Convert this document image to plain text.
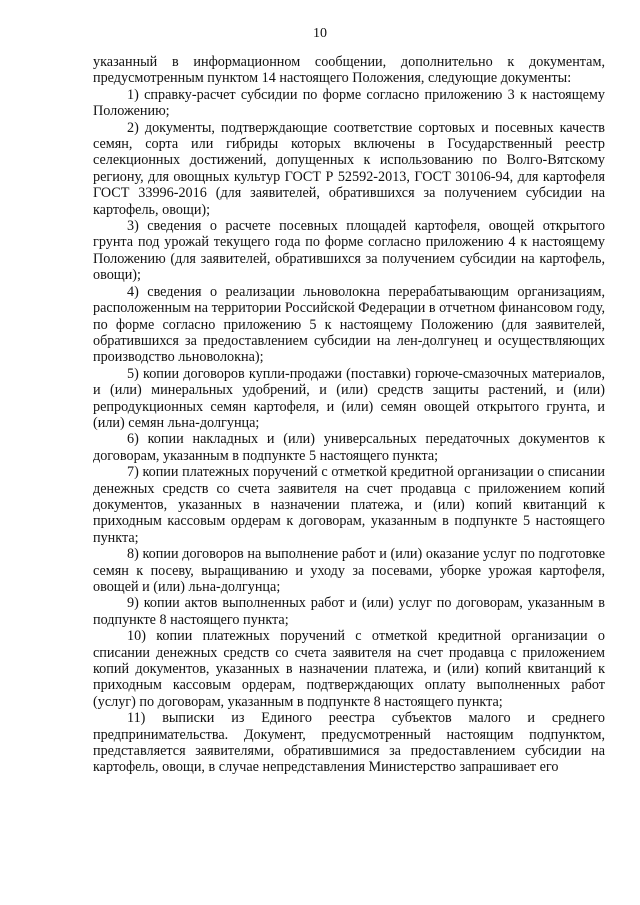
10

указанный в информационном сообщении, дополнительно к документам, предусмотренным пунктом 14 настоящего Положения, следующие документы:

1) справку-расчет субсидии по форме согласно приложению 3 к настоящему Положению;

2) документы, подтверждающие соответствие сортовых и посевных качеств семян, сорта или гибриды которых включены в Государственный реестр селекционных достижений, допущенных к использованию по Волго-Вятскому региону, для овощных культур ГОСТ Р 52592-2013, ГОСТ 30106-94, для картофеля ГОСТ 33996-2016 (для заявителей, обратившихся за получением субсидии на картофель, овощи);

3) сведения о расчете посевных площадей картофеля, овощей открытого грунта под урожай текущего года по форме согласно приложению 4 к настоящему Положению (для заявителей, обратившихся за получением субсидии на картофель, овощи);

4) сведения о реализации льноволокна перерабатывающим организациям, расположенным на территории Российской Федерации в отчетном финансовом году, по форме согласно приложению 5 к настоящему Положению (для заявителей, обратившихся за предоставлением субсидии на лен-долгунец и осуществляющих производство льноволокна);

5) копии договоров купли-продажи (поставки) горюче-смазочных материалов, и (или) минеральных удобрений, и (или) средств защиты растений, и (или) репродукционных семян картофеля, и (или) семян овощей открытого грунта, и (или) семян льна-долгунца;

6) копии накладных и (или) универсальных передаточных документов к договорам, указанным в подпункте 5 настоящего пункта;

7) копии платежных поручений с отметкой кредитной организации о списании денежных средств со счета заявителя на счет продавца с приложением копий документов, указанных в назначении платежа, и (или) копий квитанций к приходным кассовым ордерам к договорам, указанным в подпункте 5 настоящего пункта;

8) копии договоров на выполнение работ и (или) оказание услуг по подготовке семян к посеву, выращиванию и уходу за посевами, уборке урожая картофеля, овощей и (или) льна-долгунца;

9) копии актов выполненных работ и (или) услуг по договорам, указанным в подпункте 8 настоящего пункта;

10) копии платежных поручений с отметкой кредитной организации о списании денежных средств со счета заявителя на счет продавца с приложением копий документов, указанных в назначении платежа, и (или) копий квитанций к приходным кассовым ордерам, подтверждающих оплату выполненных работ (услуг) по договорам, указанным в подпункте 8 настоящего пункта;

11) выписки из Единого реестра субъектов малого и среднего предпринимательства. Документ, предусмотренный настоящим подпунктом, представляется заявителями, обратившимися за предоставлением субсидии на картофель, овощи, в случае непредставления Министерство запрашивает его
